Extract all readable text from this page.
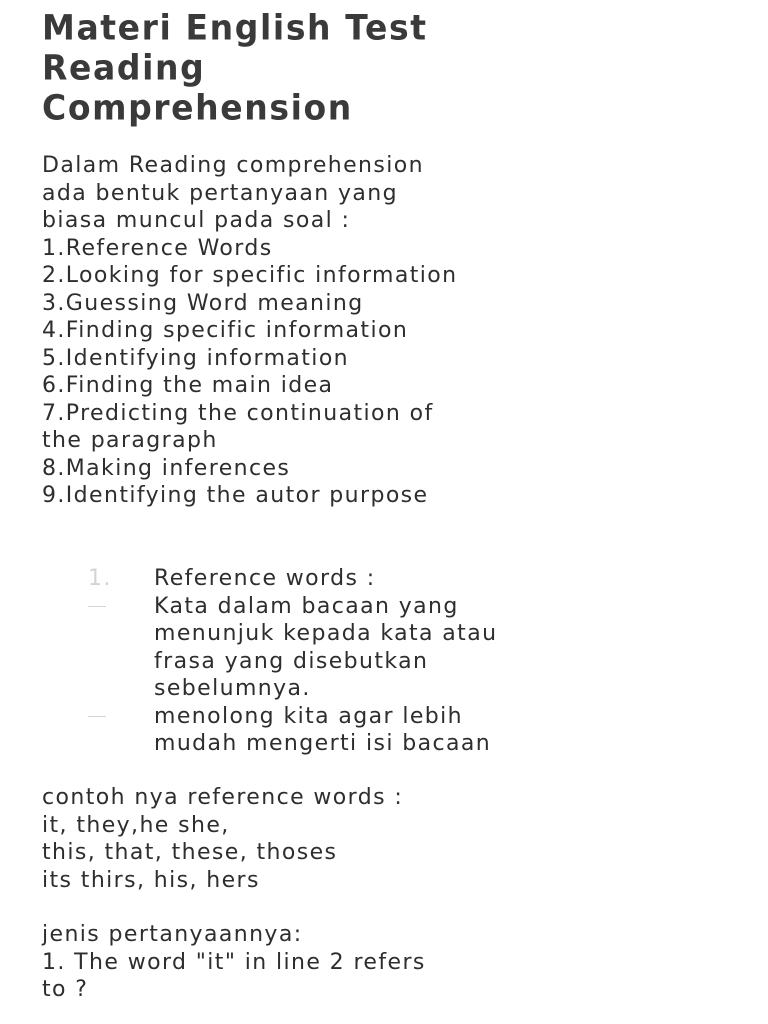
Materi English Test
Reading
Comprehension
Dalam Reading comprehension
ada bentuk pertanyaan yang
biasa muncul pada soal :
1.Reference Words
2.Looking for specific information
3.Guessing Word meaning
4.Finding specific information
5.Identifying information
6.Finding the main idea
7.Predicting the continuation of
the paragraph
8.Making inferences
9.Identifying the autor purpose
1.	Reference words :
Kata dalam bacaan yang
menunjuk kepada kata atau
frasa yang disebutkan
sebelumnya.
menolong kita agar lebih
mudah mengerti isi bacaan
contoh nya reference words :
it, they,he she,
this, that, these, thoses
its thirs, his, hers
jenis pertanyaannya:
1. The word "it" in line 2 refers
to ?
